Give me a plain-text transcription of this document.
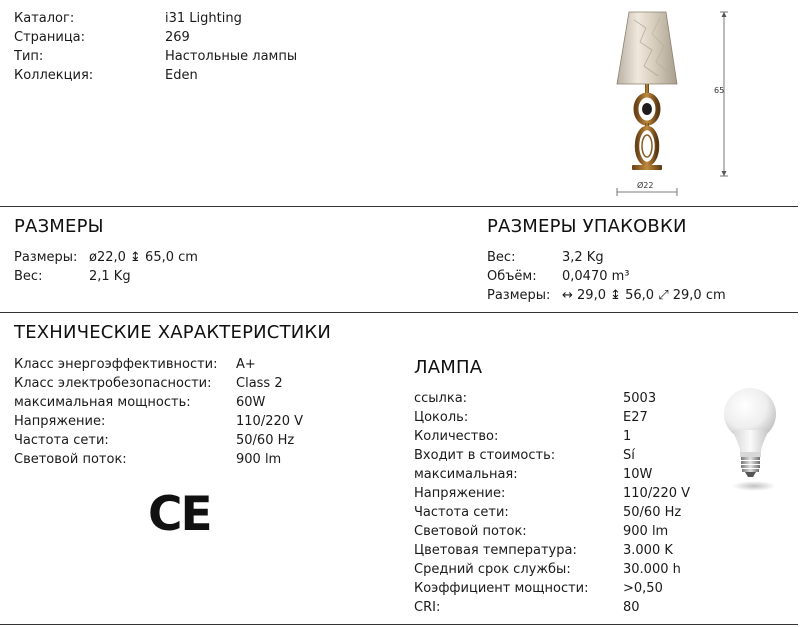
Каталог:	i31 Lighting
Страница:	269
Тип:	Настольные лампы
Коллекция:	Eden
65
Ø22
РАЗМЕРЫ
Размеры: ø22,0 ↨ 65,0 cm
Вес:	2,1 Kg
РАЗМЕРЫ УПАКОВКИ
Вес:	3,2 Kg
Объём: 0,0470 m³
Размеры: ↔ 29,0 ↨ 56,0 ⤢ 29,0 cm
ТЕХНИЧЕСКИЕ ХАРАКТЕРИСТИКИ
Класс энергоэффективности: A+
Класс электробезопасности: Class 2
максимальная мощность:	60W
Напряжение:	110/220 V
Частота сети:	50/60 Hz
Световой поток:	900 lm
CE
ЛАМПА
ссылка:	5003
Цоколь:	E27
Количество:	1
Входит в стоимость:	Sí
максимальная:	10W
Напряжение:	110/220 V
Частота сети:	50/60 Hz
Световой поток:	900 lm
Цветовая температура:	3.000 K
Средний срок службы:	30.000 h
Коэффициент мощности:	>0,50
CRI:	80
